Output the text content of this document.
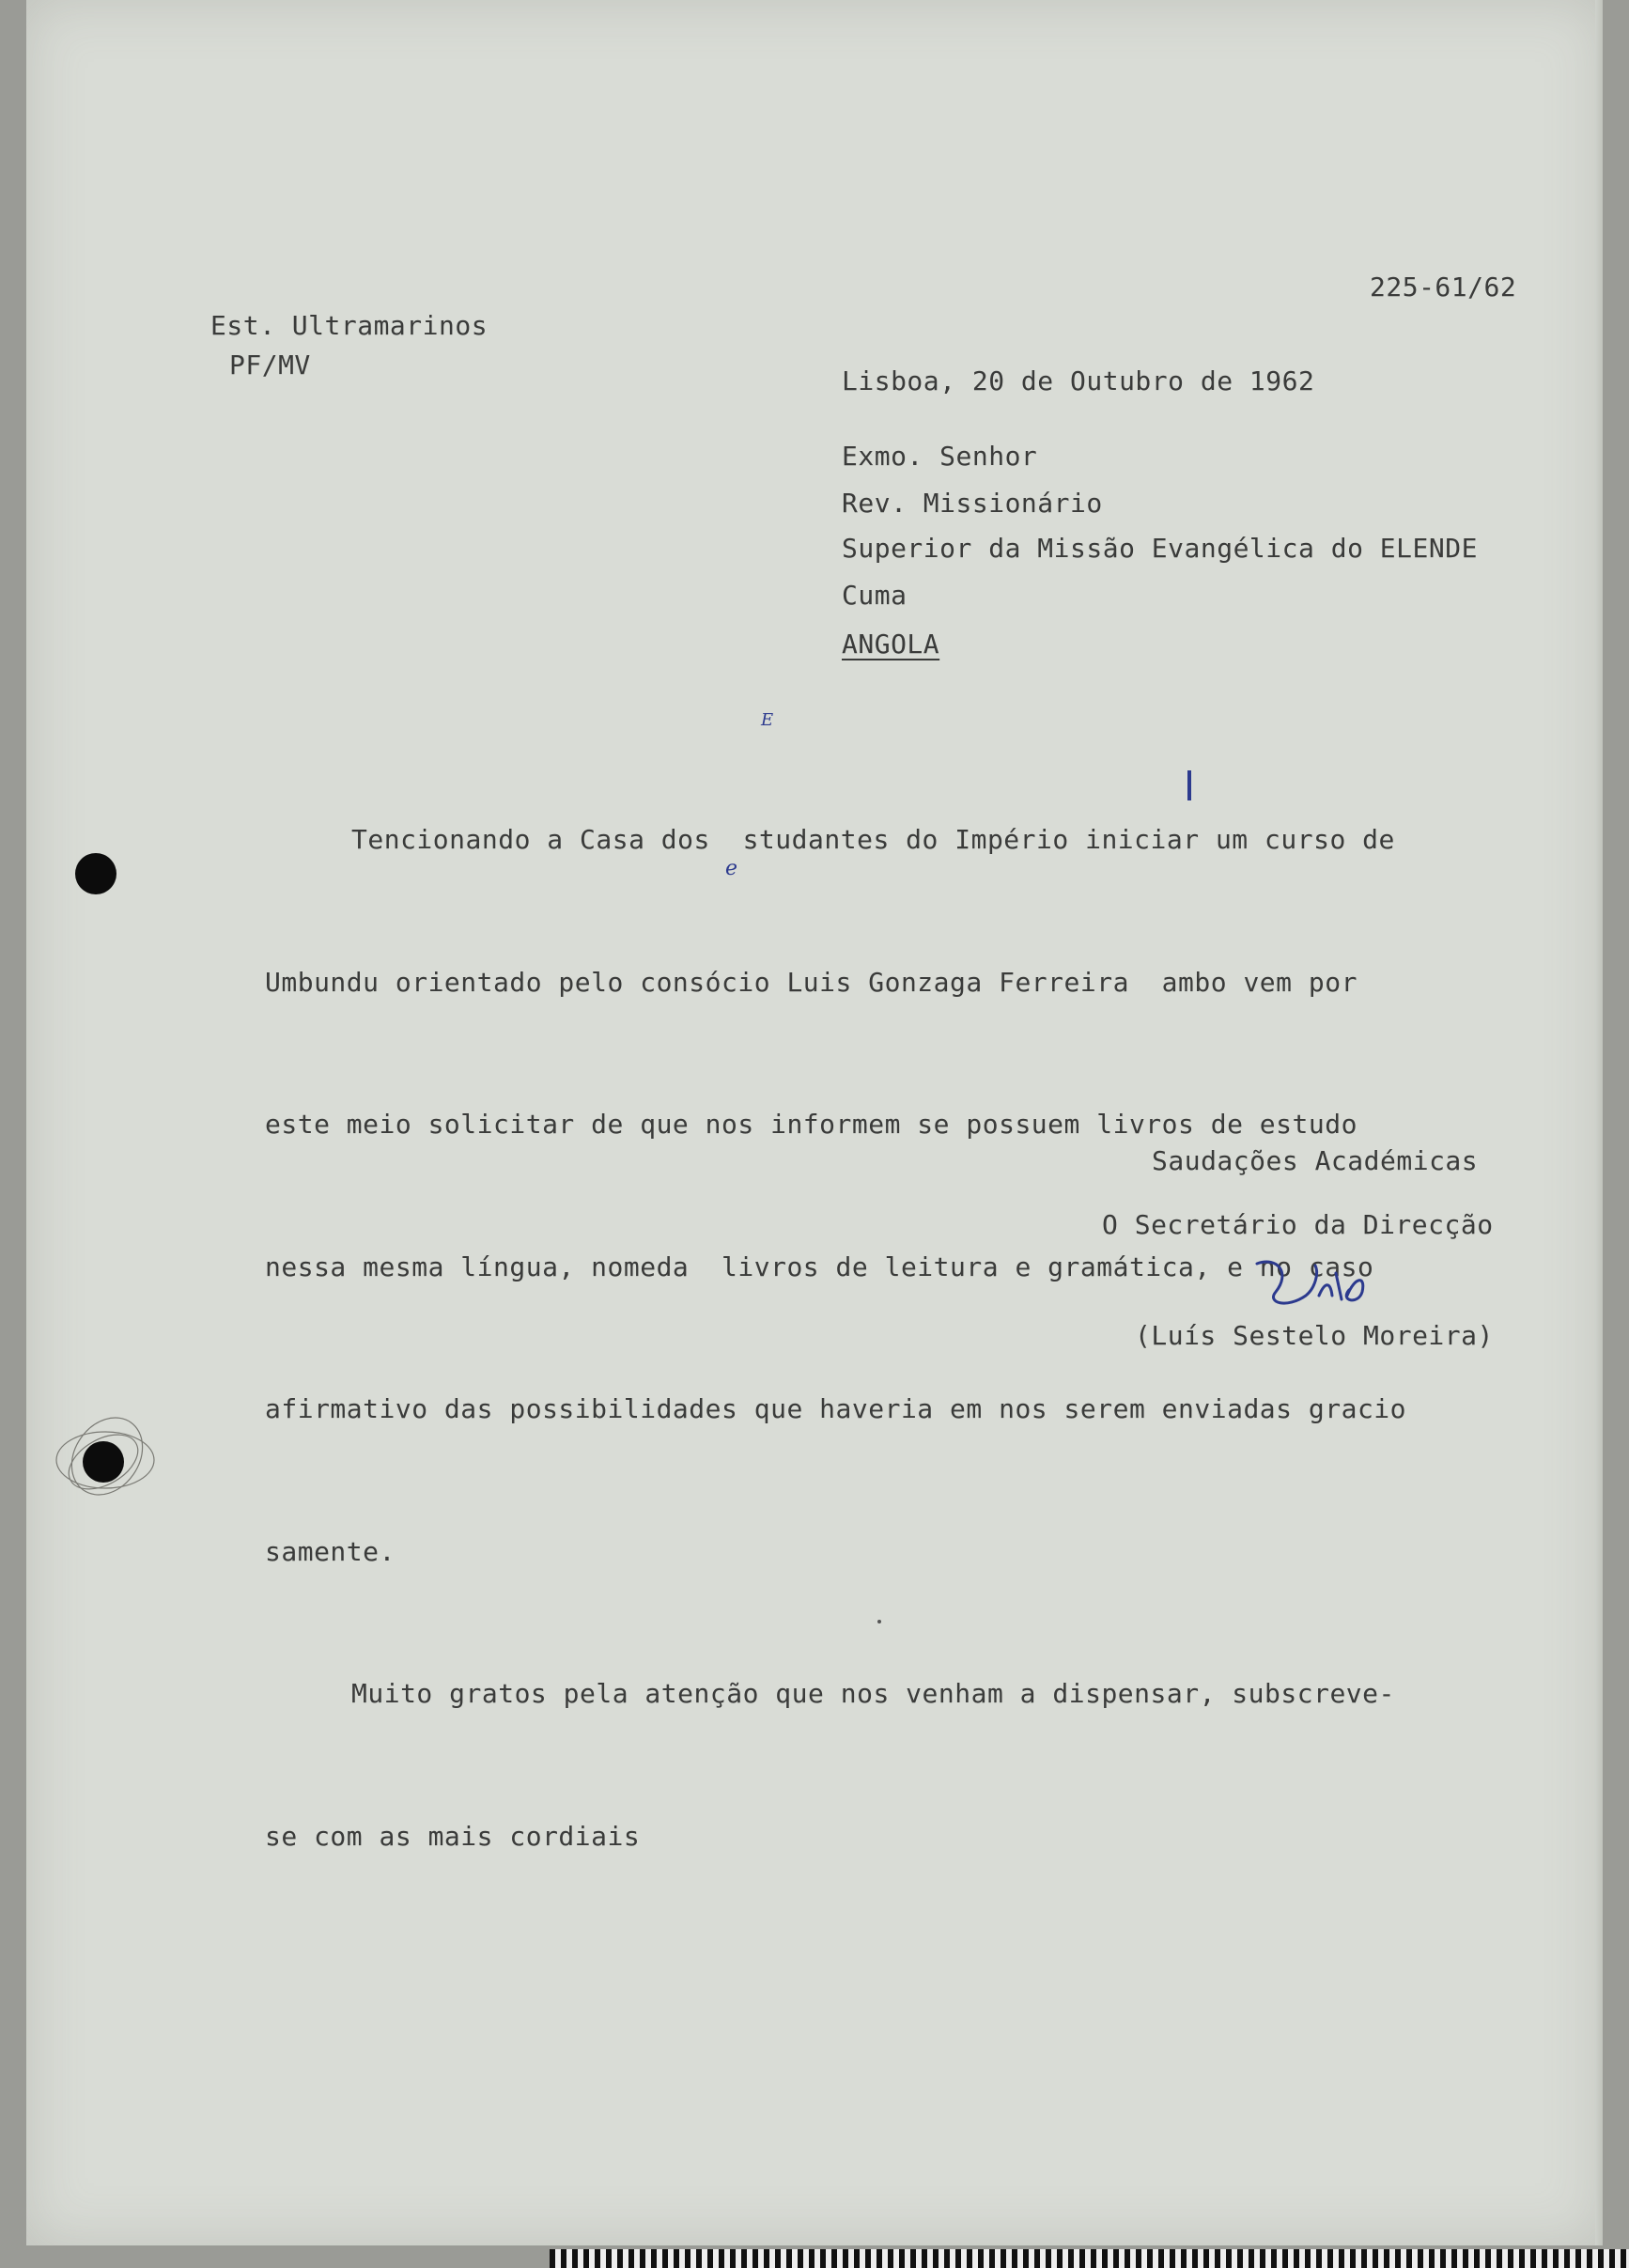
225-61/62
Est. Ultramarinos
PF/MV
Lisboa, 20 de Outubro de 1962
Exmo. Senhor
Rev. Missionário
Superior da Missão Evangélica do ELENDE
Cuma
ANGOLA

Tencionando a Casa dos  studantes do Império iniciar um curso de

Umbundu orientado pelo consócio Luis Gonzaga Ferreira  ambo vem por

este meio solicitar de que nos informem se possuem livros de estudo

nessa mesma língua, nomeda  livros de leitura e gramática, e no caso

afirmativo das possibilidades que haveria em nos serem enviadas gracio

samente.

Muito gratos pela atenção que nos venham a dispensar, subscreve-

se com as mais cordiais

E
e
Saudações Académicas
O Secretário da Direcção
(Luís Sestelo Moreira)
